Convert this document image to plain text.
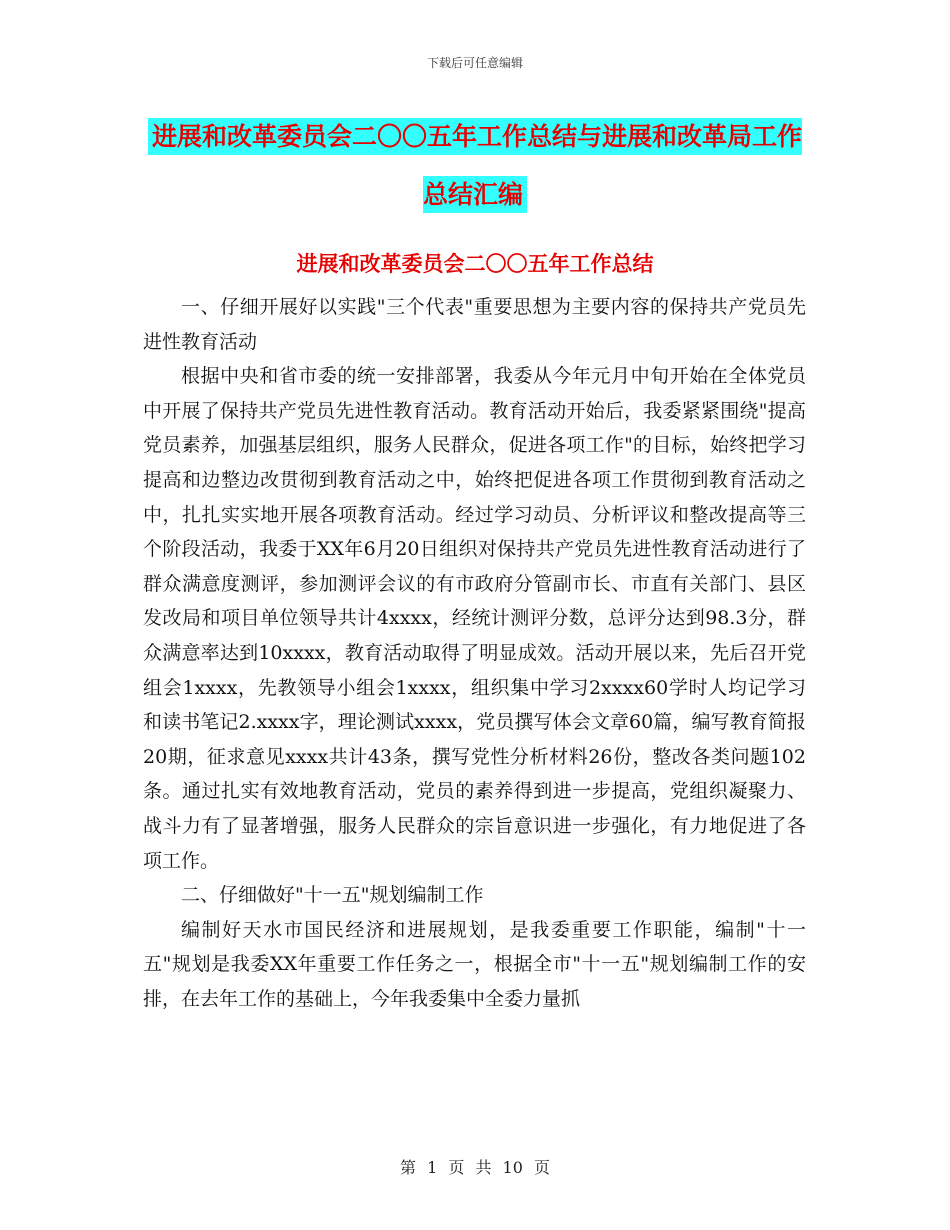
下载后可任意编辑
进展和改革委员会二〇〇五年工作总结与进展和改革局工作总结汇编
进展和改革委员会二〇〇五年工作总结

一、仔细开展好以实践"三个代表"重要思想为主要内容的保持共产党员先进性教育活动

根据中央和省市委的统一安排部署，我委从今年元月中旬开始在全体党员中开展了保持共产党员先进性教育活动。教育活动开始后，我委紧紧围绕"提高党员素养，加强基层组织，服务人民群众，促进各项工作"的目标，始终把学习提高和边整边改贯彻到教育活动之中，始终把促进各项工作贯彻到教育活动之中，扎扎实实地开展各项教育活动。经过学习动员、分析评议和整改提高等三个阶段活动，我委于XX年6月20日组织对保持共产党员先进性教育活动进行了群众满意度测评，参加测评会议的有市政府分管副市长、市直有关部门、县区发改局和项目单位领导共计4xxxx，经统计测评分数，总评分达到98.3分，群众满意率达到10xxxx，教育活动取得了明显成效。活动开展以来，先后召开党组会1xxxx，先教领导小组会1xxxx，组织集中学习2xxxx60学时人均记学习和读书笔记2.xxxx字，理论测试xxxx，党员撰写体会文章60篇，编写教育简报20期，征求意见xxxx共计43条，撰写党性分析材料26份，整改各类问题102条。通过扎实有效地教育活动，党员的素养得到进一步提高，党组织凝聚力、战斗力有了显著增强，服务人民群众的宗旨意识进一步强化，有力地促进了各项工作。

二、仔细做好"十一五"规划编制工作

编制好天水市国民经济和进展规划，是我委重要工作职能，编制"十一五"规划是我委XX年重要工作任务之一，根据全市"十一五"规划编制工作的安排，在去年工作的基础上，今年我委集中全委力量抓

第 1 页 共 10 页
